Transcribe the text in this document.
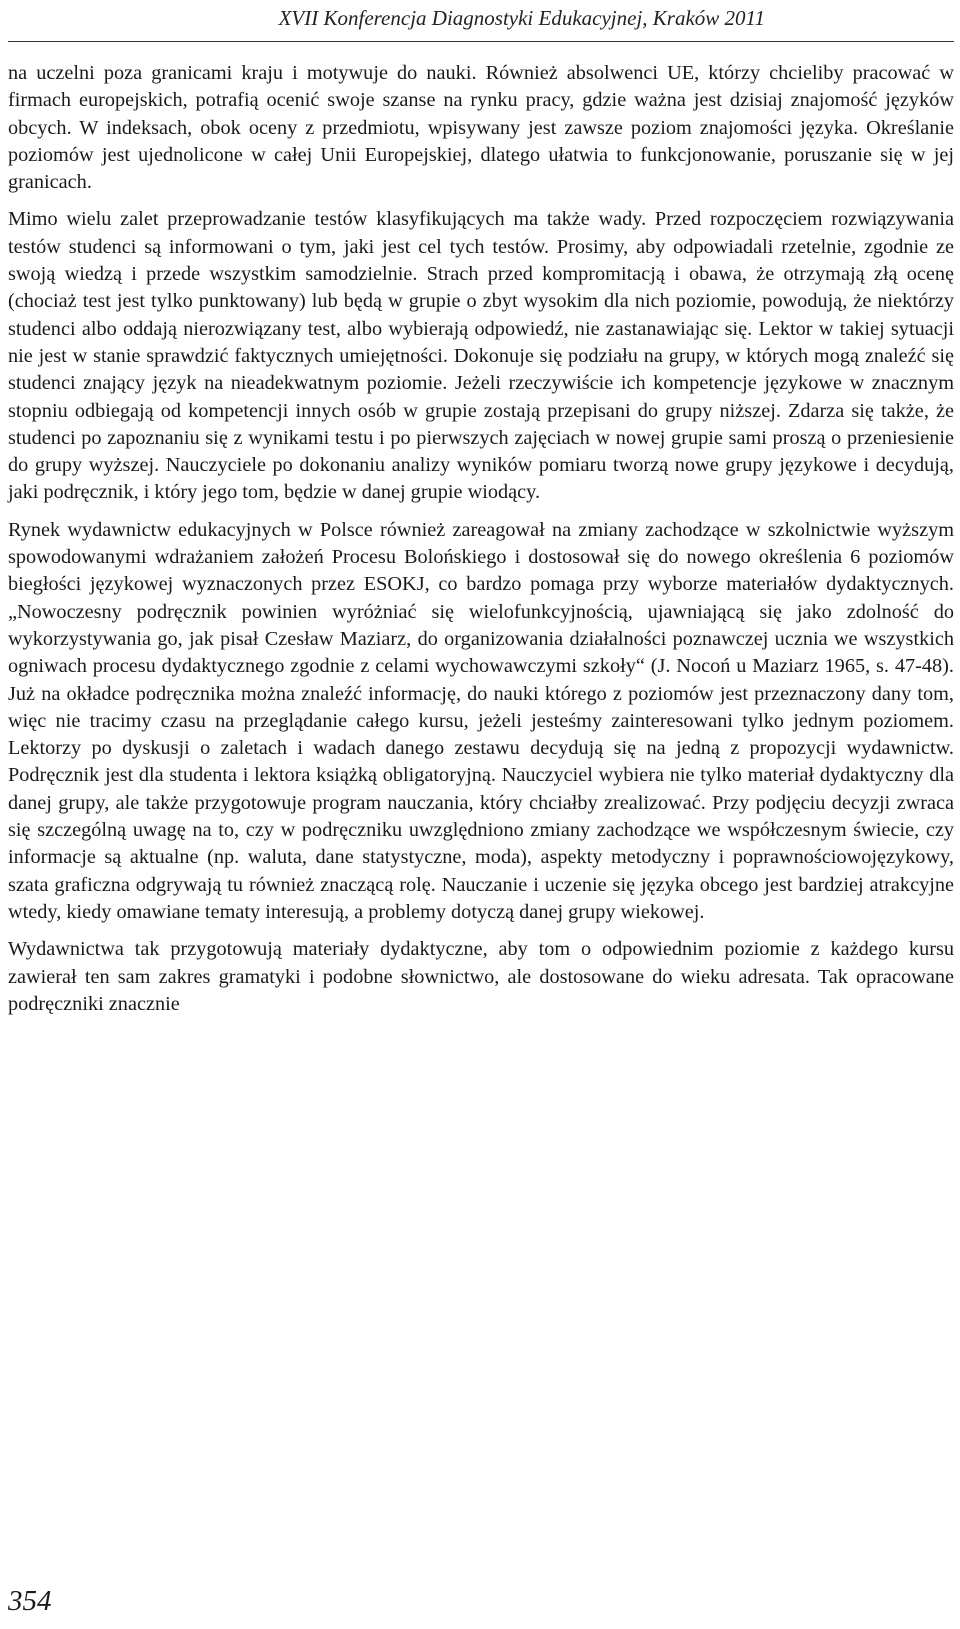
XVII Konferencja Diagnostyki Edukacyjnej, Kraków 2011

na uczelni poza granicami kraju i motywuje do nauki. Również absolwenci UE, którzy chcieliby pracować w firmach europejskich, potrafią ocenić swoje szanse na rynku pracy, gdzie ważna jest dzisiaj znajomość języków obcych. W indeksach, obok oceny z przedmiotu, wpisywany jest zawsze poziom znajomości języka. Określanie poziomów jest ujednolicone w całej Unii Europejskiej, dlatego ułatwia to funkcjonowanie, poruszanie się w jej granicach.

Mimo wielu zalet przeprowadzanie testów klasyfikujących ma także wady. Przed rozpoczęciem rozwiązywania testów studenci są informowani o tym, jaki jest cel tych testów. Prosimy, aby odpowiadali rzetelnie, zgodnie ze swoją wiedzą i przede wszystkim samodzielnie. Strach przed kompromitacją i obawa, że otrzymają złą ocenę (chociaż test jest tylko punktowany) lub będą w grupie o zbyt wysokim dla nich poziomie, powodują, że niektórzy studenci albo oddają nierozwiązany test, albo wybierają odpowiedź, nie zastanawiając się. Lektor w takiej sytuacji nie jest w stanie sprawdzić faktycznych umiejętności. Dokonuje się podziału na grupy, w których mogą znaleźć się studenci znający język na nieadekwatnym poziomie. Jeżeli rzeczywiście ich kompetencje językowe w znacznym stopniu odbiegają od kompetencji innych osób w grupie zostają przepisani do grupy niższej. Zdarza się także, że studenci po zapoznaniu się z wynikami testu i po pierwszych zajęciach w nowej grupie sami proszą o przeniesienie do grupy wyższej. Nauczyciele po dokonaniu analizy wyników pomiaru tworzą nowe grupy językowe i decydują, jaki podręcznik, i który jego tom, będzie w danej grupie wiodący.

Rynek wydawnictw edukacyjnych w Polsce również zareagował na zmiany zachodzące w szkolnictwie wyższym spowodowanymi wdrażaniem założeń Procesu Bolońskiego i dostosował się do nowego określenia 6 poziomów biegłości językowej wyznaczonych przez ESOKJ, co bardzo pomaga przy wyborze materiałów dydaktycznych. „Nowoczesny podręcznik powinien wyróżniać się wielofunkcyjnością, ujawniającą się jako zdolność do wykorzystywania go, jak pisał Czesław Maziarz, do organizowania działalności poznawczej ucznia we wszystkich ogniwach procesu dydaktycznego zgodnie z celami wychowawczymi szkoły“ (J. Nocoń u Maziarz 1965, s. 47-48). Już na okładce podręcznika można znaleźć informację, do nauki którego z poziomów jest przeznaczony dany tom, więc nie tracimy czasu na przeglądanie całego kursu, jeżeli jesteśmy zainteresowani tylko jednym poziomem. Lektorzy po dyskusji o zaletach i wadach danego zestawu decydują się na jedną z propozycji wydawnictw. Podręcznik jest dla studenta i lektora książką obligatoryjną. Nauczyciel wybiera nie tylko materiał dydaktyczny dla danej grupy, ale także przygotowuje program nauczania, który chciałby zrealizować. Przy podjęciu decyzji zwraca się szczególną uwagę na to, czy w podręczniku uwzględniono zmiany zachodzące we współczesnym świecie, czy informacje są aktualne (np. waluta, dane statystyczne, moda), aspekty metodyczny i poprawnościowojęzykowy, szata graficzna odgrywają tu również znaczącą rolę. Nauczanie i uczenie się języka obcego jest bardziej atrakcyjne wtedy, kiedy omawiane tematy interesują, a problemy dotyczą danej grupy wiekowej.

Wydawnictwa tak przygotowują materiały dydaktyczne, aby tom o odpowiednim poziomie z każdego kursu zawierał ten sam zakres gramatyki i podobne słownictwo, ale dostosowane do wieku adresata. Tak opracowane podręczniki znacznie

354
